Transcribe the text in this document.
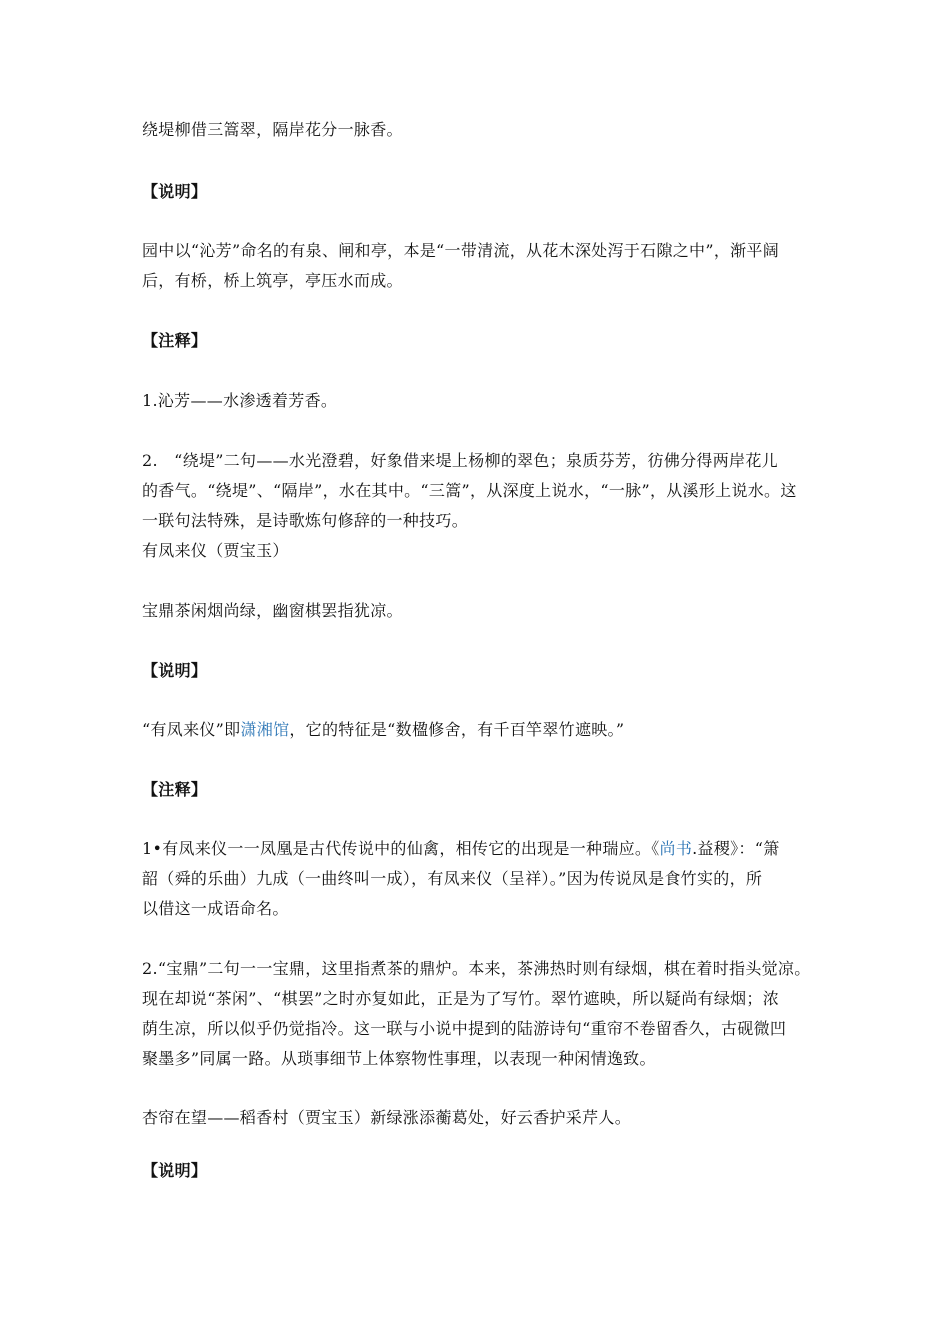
绕堤柳借三篙翠，隔岸花分一脉香。
【说明】
园中以“沁芳”命名的有泉、闸和亭，本是“一带清流，从花木深处泻于石隙之中”，渐平阔
后，有桥，桥上筑亭，亭压水而成。
【注释】
1.沁芳——水渗透着芳香。
2.　“绕堤”二句——水光澄碧，好象借来堤上杨柳的翠色；泉质芬芳，彷佛分得两岸花儿
的香气。“绕堤”、“隔岸”，水在其中。“三篙”，从深度上说水，“一脉”，从溪形上说水。这
一联句法特殊，是诗歌炼句修辞的一种技巧。
有凤来仪（贾宝玉）
宝鼎茶闲烟尚绿，幽窗棋罢指犹凉。
【说明】
“有凤来仪”即潇湘馆，它的特征是“数楹修舍，有千百竿翠竹遮映。”
【注释】
1•有凤来仪一一凤凰是古代传说中的仙禽，相传它的出现是一种瑞应。《尚书.益稷》：“箫
韶（舜的乐曲）九成（一曲终叫一成），有凤来仪（呈祥）。”因为传说凤是食竹实的，所
以借这一成语命名。
2.“宝鼎”二句一一宝鼎，这里指煮茶的鼎炉。本来，茶沸热时则有绿烟，棋在着时指头觉凉。
现在却说“茶闲”、“棋罢”之时亦复如此，正是为了写竹。翠竹遮映，所以疑尚有绿烟；浓
荫生凉，所以似乎仍觉指冷。这一联与小说中提到的陆游诗句“重帘不卷留香久，古砚微凹
聚墨多”同属一路。从琐事细节上体察物性事理，以表现一种闲情逸致。
杏帘在望——稻香村（贾宝玉）新绿涨添蘅葛处，好云香护采芹人。
【说明】
